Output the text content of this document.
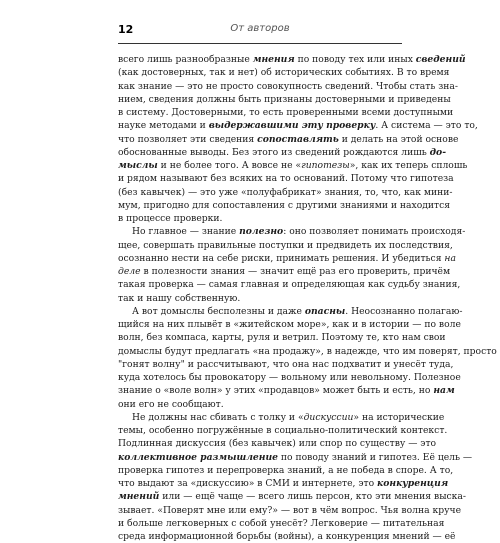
12	От авторов
всего лишь разнообразные мнения по поводу тех или иных сведений
(как достоверных, так и нет) об исторических событиях. В то время
как знание — это не просто совокупность сведений. Чтобы стать зна-
нием, сведения должны быть признаны достоверными и приведены
в систему. Достоверными, то есть проверенными всеми доступными
науке методами и выдержавшими эту проверку. А система — это то,
что позволяет эти сведения сопоставлять и делать на этой основе
обоснованные выводы. Без этого из сведений рождаются лишь до-
мыслы и не более того. А вовсе не «гипотезы», как их теперь сплошь
и рядом называют без всяких на то оснований. Потому что гипотеза
(без кавычек) — это уже «полуфабрикат» знания, то, что, как мини-
мум, пригодно для сопоставления с другими знаниями и находится
в процессе проверки.
Но главное — знание полезно: оно позволяет понимать происходя-
щее, совершать правильные поступки и предвидеть их последствия,
осознанно нести на себе риски, принимать решения. И убедиться на
деле в полезности знания — значит ещё раз его проверить, причём
такая проверка — самая главная и определяющая как судьбу знания,
так и нашу собственную.
А вот домыслы бесполезны и даже опасны. Неосознанно полагаю-
щийся на них плывёт в «житейском море», как и в истории — по воле
волн, без компаса, карты, руля и ветрил. Поэтому те, кто нам свои
домыслы будут предлагать «на продажу», в надежде, что им поверят, просто
"гонят волну" и рассчитывают, что она нас подхватит и унесёт туда,
куда хотелось бы провокатору — вольному или невольному. Полезное
знание о «воле волн» у этих «продавцов» может быть и есть, но нам
они его не сообщают.
Не должны нас сбивать с толку и «дискуссии» на исторические
темы, особенно погружённые в социально-политический контекст.
Подлинная дискуссия (без кавычек) или спор по существу — это
коллективное размышление по поводу знаний и гипотез. Её цель —
проверка гипотез и перепроверка знаний, а не победа в споре. А то,
что выдают за «дискуссию» в СМИ и интернете, это конкуренция
мнений или — ещё чаще — всего лишь персон, кто эти мнения выска-
зывает. «Поверят мне или ему?» — вот в чём вопрос. Чья волна круче
и больше легковерных с собой унесёт? Легковерие — питательная
среда информационной борьбы (войны), а конкуренция мнений — её
